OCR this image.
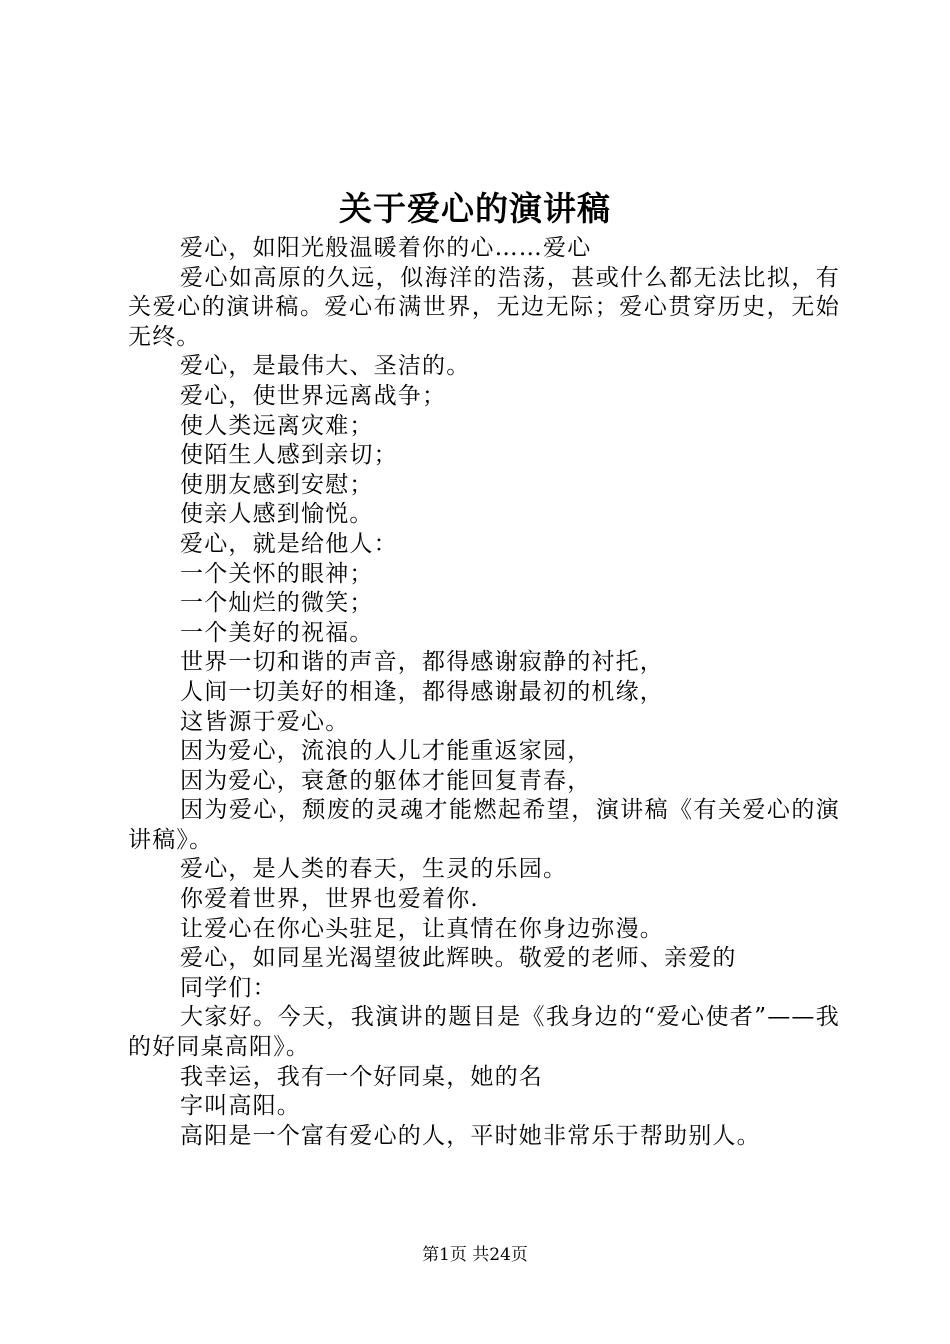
关于爱心的演讲稿

爱心，如阳光般温暖着你的心……爱心

爱心如高原的久远，似海洋的浩荡，甚或什么都无法比拟，有关爱心的演讲稿。爱心布满世界，无边无际；爱心贯穿历史，无始无终。

爱心，是最伟大、圣洁的。

爱心，使世界远离战争；

使人类远离灾难；

使陌生人感到亲切；

使朋友感到安慰；

使亲人感到愉悦。

爱心，就是给他人：

一个关怀的眼神；

一个灿烂的微笑；

一个美好的祝福。

世界一切和谐的声音，都得感谢寂静的衬托，

人间一切美好的相逢，都得感谢最初的机缘，

这皆源于爱心。

因为爱心，流浪的人儿才能重返家园，

因为爱心，衰惫的躯体才能回复青春，

因为爱心，颓废的灵魂才能燃起希望，演讲稿《有关爱心的演讲稿》。

爱心，是人类的春天，生灵的乐园。

你爱着世界，世界也爱着你.

让爱心在你心头驻足，让真情在你身边弥漫。

爱心，如同星光渴望彼此辉映。敬爱的老师、亲爱的

同学们：

大家好。今天，我演讲的题目是《我身边的“爱心使者”——我的好同桌高阳》。

我幸运，我有一个好同桌，她的名

字叫高阳。

高阳是一个富有爱心的人，平时她非常乐于帮助别人。

第1页 共24页
